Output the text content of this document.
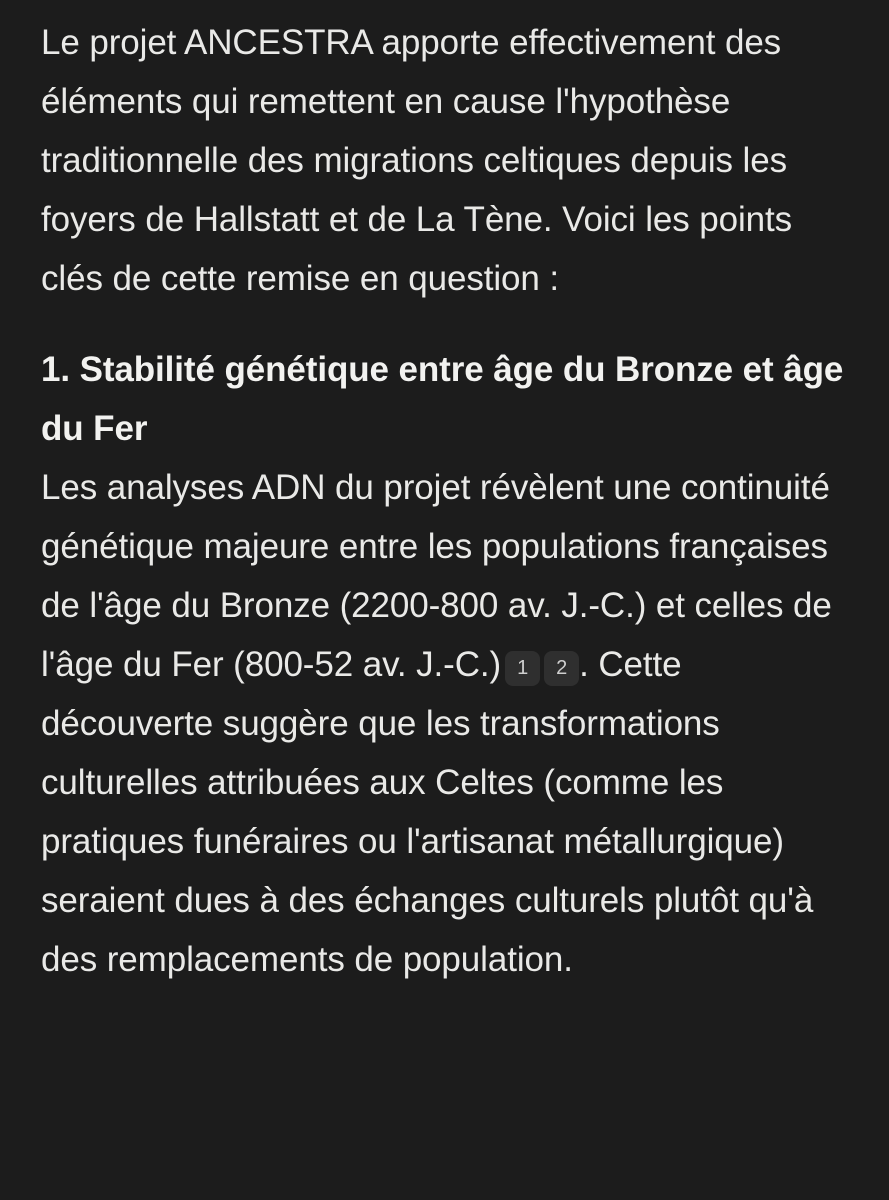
Le projet ANCESTRA apporte effectivement des éléments qui remettent en cause l'hypothèse traditionnelle des migrations celtiques depuis les foyers de Hallstatt et de La Tène. Voici les points clés de cette remise en question :

1. Stabilité génétique entre âge du Bronze et âge du Fer

Les analyses ADN du projet révèlent une continuité génétique majeure entre les populations françaises de l'âge du Bronze (2200-800 av. J.-C.) et celles de l'âge du Fer (800-52 av. J.-C.) 1 2 . Cette découverte suggère que les transformations culturelles attribuées aux Celtes (comme les pratiques funéraires ou l'artisanat métallurgique) seraient dues à des échanges culturels plutôt qu'à des remplacements de population.
